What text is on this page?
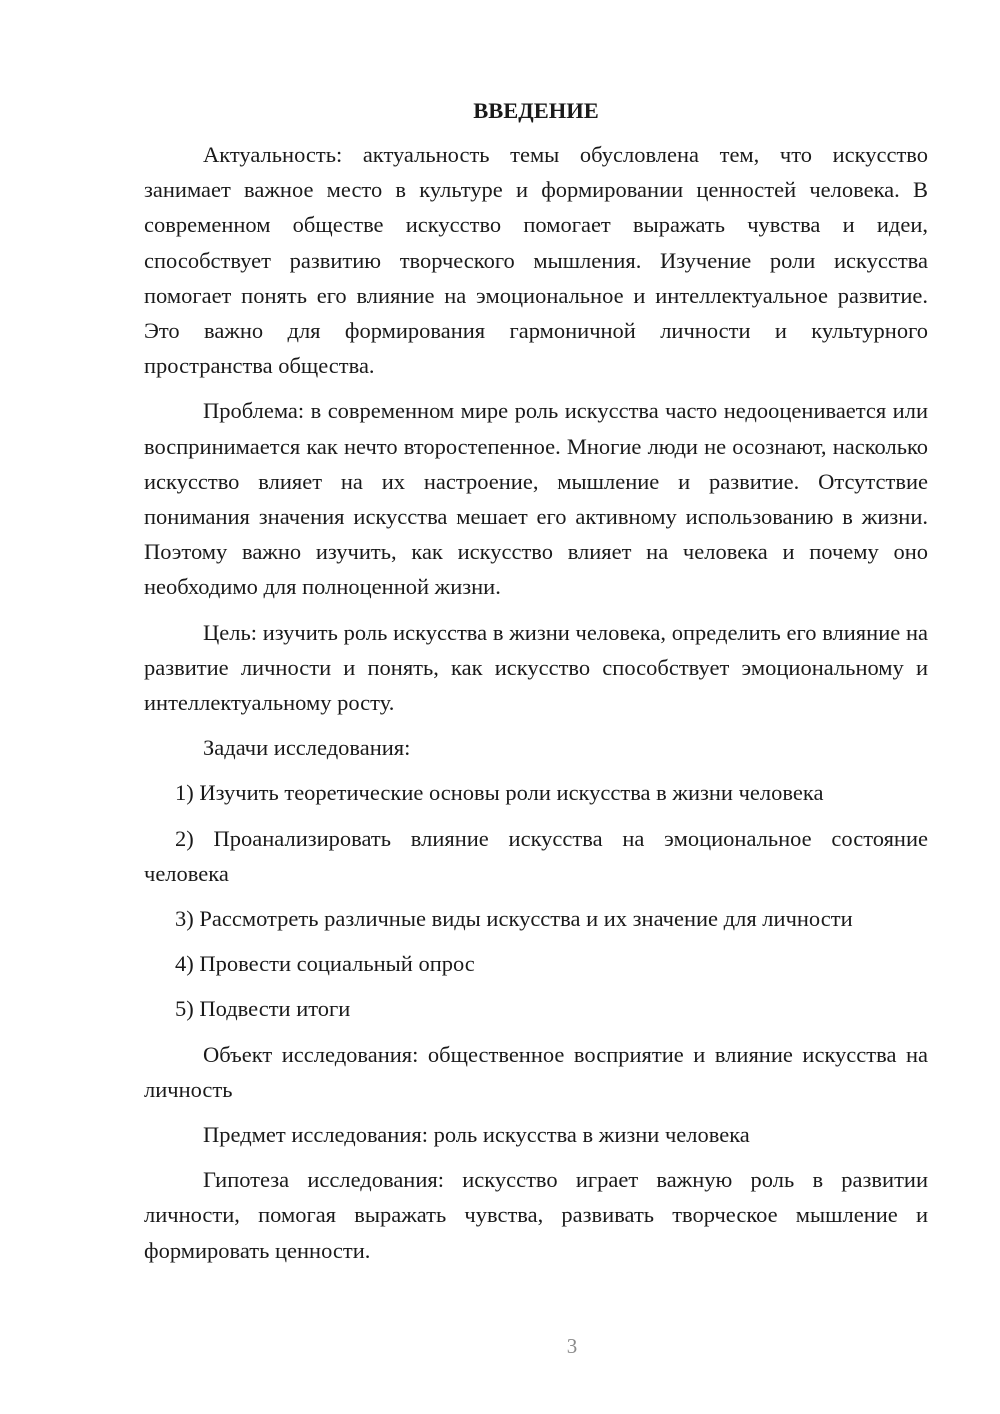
ВВЕДЕНИЕ

Актуальность: актуальность темы обусловлена тем, что искусство занимает важное место в культуре и формировании ценностей человека. В современном обществе искусство помогает выражать чувства и идеи, способствует развитию творческого мышления. Изучение роли искусства помогает понять его влияние на эмоциональное и интеллектуальное развитие. Это важно для формирования гармоничной личности и культурного пространства общества.

Проблема: в современном мире роль искусства часто недооценивается или воспринимается как нечто второстепенное. Многие люди не осознают, насколько искусство влияет на их настроение, мышление и развитие. Отсутствие понимания значения искусства мешает его активному использованию в жизни. Поэтому важно изучить, как искусство влияет на человека и почему оно необходимо для полноценной жизни.

Цель: изучить роль искусства в жизни человека, определить его влияние на развитие личности и понять, как искусство способствует эмоциональному и интеллектуальному росту.

Задачи исследования:

1) Изучить теоретические основы роли искусства в жизни человека

2) Проанализировать влияние искусства на эмоциональное состояние человека

3) Рассмотреть различные виды искусства и их значение для личности

4) Провести социальный опрос

5) Подвести итоги

Объект исследования: общественное восприятие и влияние искусства на личность

Предмет исследования: роль искусства в жизни человека

Гипотеза исследования: искусство играет важную роль в развитии личности, помогая выражать чувства, развивать творческое мышление и формировать ценности.

3
